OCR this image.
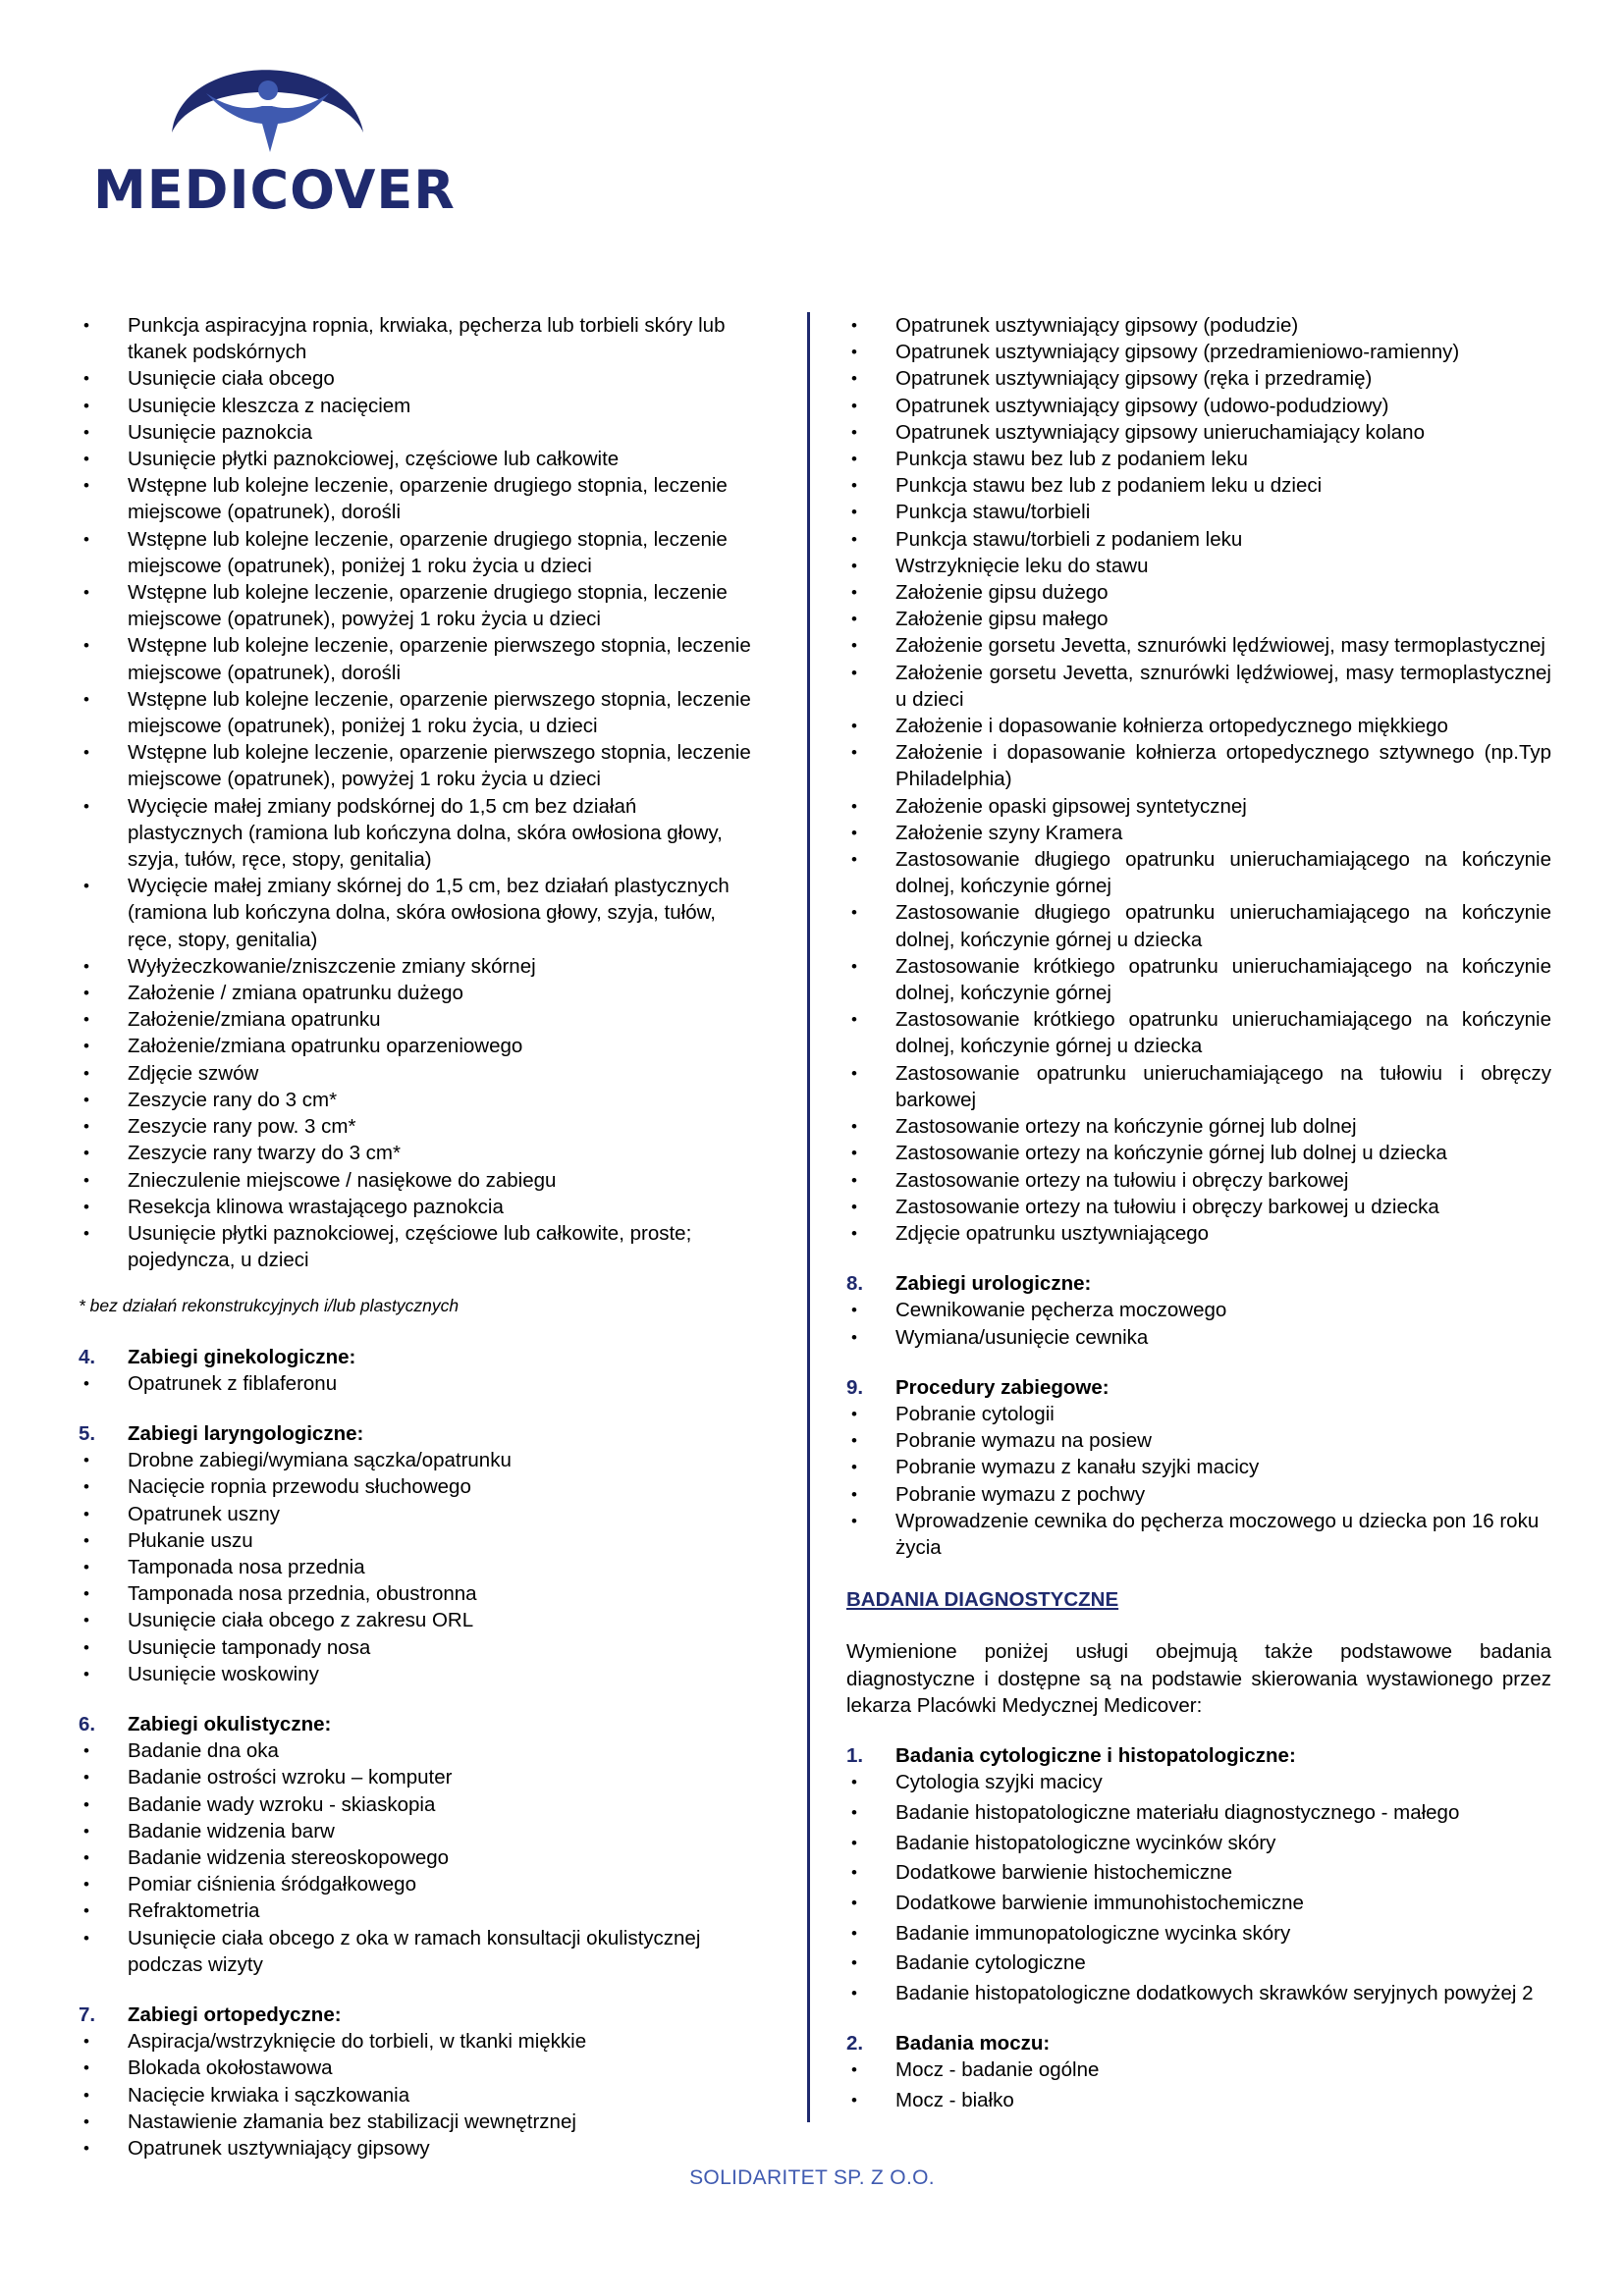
MEDICOVER
• Punkcja aspiracyjna ropnia, krwiaka, pęcherza lub torbieli skóry lub tkanek podskórnych
• Usunięcie ciała obcego
• Usunięcie kleszcza z nacięciem
• Usunięcie paznokcia
• Usunięcie płytki paznokciowej, częściowe lub całkowite
• Wstępne lub kolejne leczenie, oparzenie drugiego stopnia, leczenie miejscowe (opatrunek), dorośli
• Wstępne lub kolejne leczenie, oparzenie drugiego stopnia, leczenie miejscowe (opatrunek), poniżej 1 roku życia u dzieci
• Wstępne lub kolejne leczenie, oparzenie drugiego stopnia, leczenie miejscowe (opatrunek), powyżej 1 roku życia u dzieci
• Wstępne lub kolejne leczenie, oparzenie pierwszego stopnia, leczenie miejscowe (opatrunek), dorośli
• Wstępne lub kolejne leczenie, oparzenie pierwszego stopnia, leczenie miejscowe (opatrunek), poniżej 1 roku życia, u dzieci
• Wstępne lub kolejne leczenie, oparzenie pierwszego stopnia, leczenie miejscowe (opatrunek), powyżej 1 roku życia u dzieci
• Wycięcie małej zmiany podskórnej do 1,5 cm bez działań plastycznych (ramiona lub kończyna dolna, skóra owłosiona głowy, szyja, tułów, ręce, stopy, genitalia)
• Wycięcie małej zmiany skórnej do 1,5 cm, bez działań plastycznych (ramiona lub kończyna dolna, skóra owłosiona głowy, szyja, tułów, ręce, stopy, genitalia)
• Wyłyżeczkowanie/zniszczenie zmiany skórnej
• Założenie / zmiana opatrunku dużego
• Założenie/zmiana opatrunku
• Założenie/zmiana opatrunku oparzeniowego
• Zdjęcie szwów
• Zeszycie rany do 3 cm*
• Zeszycie rany pow. 3 cm*
• Zeszycie rany twarzy do 3 cm*
• Znieczulenie miejscowe / nasiękowe do zabiegu
• Resekcja klinowa wrastającego paznokcia
• Usunięcie płytki paznokciowej, częściowe lub całkowite, proste; pojedyncza, u dzieci
* bez działań rekonstrukcyjnych i/lub plastycznych
4.	Zabiegi ginekologiczne:
• Opatrunek z fiblaferonu
5.	Zabiegi laryngologiczne:
• Drobne zabiegi/wymiana sączka/opatrunku
• Nacięcie ropnia przewodu słuchowego
• Opatrunek uszny
• Płukanie uszu
• Tamponada nosa przednia
• Tamponada nosa przednia, obustronna
• Usunięcie ciała obcego z zakresu ORL
• Usunięcie tamponady nosa
• Usunięcie woskowiny
6.	Zabiegi okulistyczne:
• Badanie dna oka
• Badanie ostrości wzroku – komputer
• Badanie wady wzroku - skiaskopia
• Badanie widzenia barw
• Badanie widzenia stereoskopowego
• Pomiar ciśnienia śródgałkowego
• Refraktometria
• Usunięcie ciała obcego z oka w ramach konsultacji okulistycznej podczas wizyty
7.	Zabiegi ortopedyczne:
• Aspiracja/wstrzyknięcie do torbieli, w tkanki miękkie
• Blokada okołostawowa
• Nacięcie krwiaka i sączkowania
• Nastawienie złamania bez stabilizacji wewnętrznej
• Opatrunek usztywniający gipsowy
• Opatrunek usztywniający gipsowy (podudzie)
• Opatrunek usztywniający gipsowy (przedramieniowo-ramienny)
• Opatrunek usztywniający gipsowy (ręka i przedramię)
• Opatrunek usztywniający gipsowy (udowo-podudziowy)
• Opatrunek usztywniający gipsowy unieruchamiający kolano
• Punkcja stawu bez lub z podaniem leku
• Punkcja stawu bez lub z podaniem leku u dzieci
• Punkcja stawu/torbieli
• Punkcja stawu/torbieli z podaniem leku
• Wstrzyknięcie leku do stawu
• Założenie gipsu dużego
• Założenie gipsu małego
• Założenie gorsetu Jevetta, sznurówki lędźwiowej, masy termoplastycznej
• Założenie gorsetu Jevetta, sznurówki lędźwiowej, masy termoplastycznej u dzieci
• Założenie i dopasowanie kołnierza ortopedycznego miękkiego
• Założenie i dopasowanie kołnierza ortopedycznego sztywnego (np.Typ Philadelphia)
• Założenie opaski gipsowej syntetycznej
• Założenie szyny Kramera
• Zastosowanie długiego opatrunku unieruchamiającego na kończynie dolnej, kończynie górnej
• Zastosowanie długiego opatrunku unieruchamiającego na kończynie dolnej, kończynie górnej u dziecka
• Zastosowanie krótkiego opatrunku unieruchamiającego na kończynie dolnej, kończynie górnej
• Zastosowanie krótkiego opatrunku unieruchamiającego na kończynie dolnej, kończynie górnej u dziecka
• Zastosowanie opatrunku unieruchamiającego na tułowiu i obręczy barkowej
• Zastosowanie ortezy na kończynie górnej lub dolnej
• Zastosowanie ortezy na kończynie górnej lub dolnej u dziecka
• Zastosowanie ortezy na tułowiu i obręczy barkowej
• Zastosowanie ortezy na tułowiu i obręczy barkowej u dziecka
• Zdjęcie opatrunku usztywniającego
8.	Zabiegi urologiczne:
• Cewnikowanie pęcherza moczowego
• Wymiana/usunięcie cewnika
9.	Procedury zabiegowe:
• Pobranie cytologii
• Pobranie wymazu na posiew
• Pobranie wymazu z kanału szyjki macicy
• Pobranie wymazu z pochwy
• Wprowadzenie cewnika do pęcherza moczowego u dziecka pon 16 roku życia
BADANIA DIAGNOSTYCZNE
Wymienione poniżej usługi obejmują także podstawowe badania diagnostyczne i dostępne są na podstawie skierowania wystawionego przez lekarza Placówki Medycznej Medicover:
1.	Badania cytologiczne i histopatologiczne:
• Cytologia szyjki macicy
• Badanie histopatologiczne materiału diagnostycznego - małego
• Badanie histopatologiczne wycinków skóry
• Dodatkowe barwienie histochemiczne
• Dodatkowe barwienie immunohistochemiczne
• Badanie immunopatologiczne wycinka skóry
• Badanie cytologiczne
• Badanie histopatologiczne dodatkowych skrawków seryjnych powyżej 2
2.	Badania moczu:
• Mocz - badanie ogólne
• Mocz - białko
SOLIDARITET SP. Z O.O.
